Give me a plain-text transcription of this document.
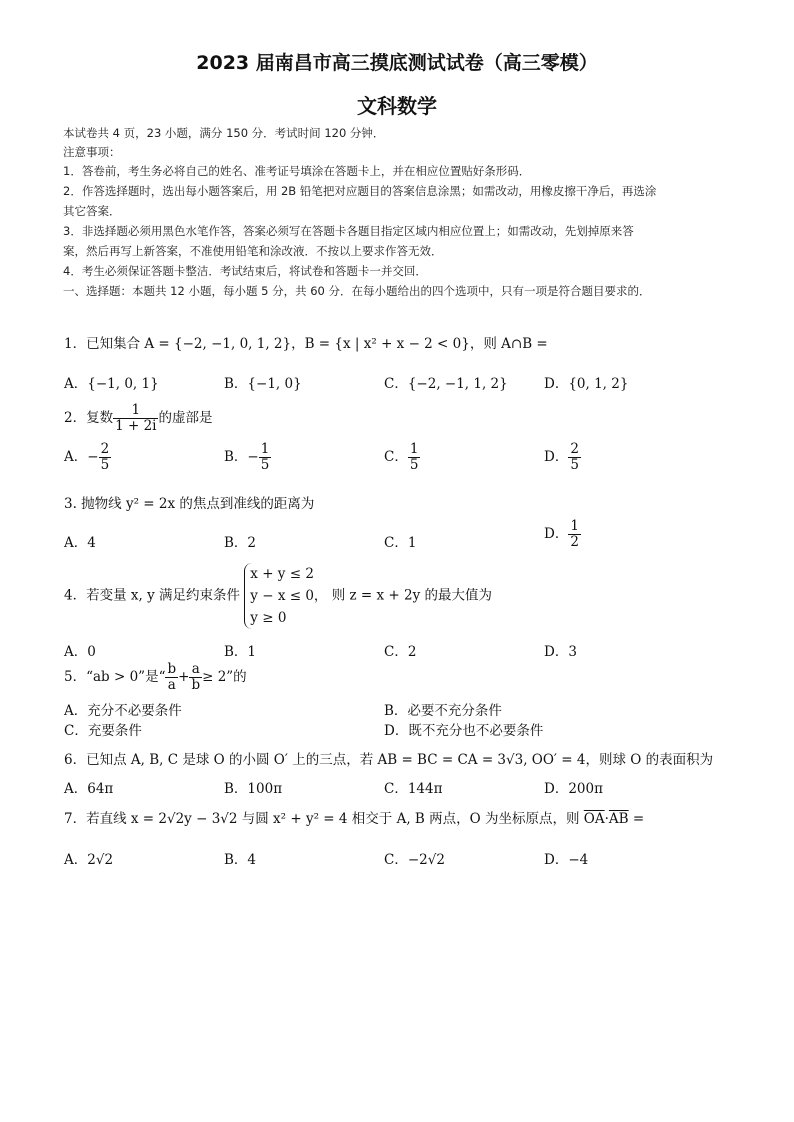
2023 届南昌市高三摸底测试试卷（高三零模）
文科数学
本试卷共 4 页，23 小题，满分 150 分．考试时间 120 分钟．
注意事项：
1．答卷前，考生务必将自己的姓名、准考证号填涂在答题卡上，并在相应位置贴好条形码．
2．作答选择题时，选出每小题答案后，用 2B 铅笔把对应题目的答案信息涂黑；如需改动，用橡皮擦干净后，再选涂
其它答案．
3．非选择题必须用黑色水笔作答，答案必须写在答题卡各题目指定区域内相应位置上；如需改动，先划掉原来答
案，然后再写上新答案，不准使用铅笔和涂改液．不按以上要求作答无效．
4．考生必须保证答题卡整洁．考试结束后，将试卷和答题卡一并交回．
一、选择题：本题共 12 小题，每小题 5 分，共 60 分．在每小题给出的四个选项中，只有一项是符合题目要求的．
1．已知集合 A = {−2, −1, 0, 1, 2}，B = {x | x² + x − 2 < 0}，则 A∩B =
A．{−1, 0, 1}	B．{−1, 0}	C．{−2, −1, 1, 2}	D．{0, 1, 2}
2．复数 $\frac{1}{1 + 2i}$ 的虚部是
A．− $\frac{2}{5}$	B．− $\frac{1}{5}$	C． $\frac{1}{5}$	D． $\frac{2}{5}$
3. 抛物线 y² = 2x 的焦点到准线的距离为
A．4	B．2	C．1
D． $\frac{1}{2}$
4．若变量 x, y 满足约束条件
x + y ≤ 2
y − x ≤ 0，
y ≥ 0
则 z = x + 2y 的最大值为
A．0	B．1	C．2	D．3
5．“ab > 0”是“ $\frac{b}{a} + \frac{a}{b} \ge 2$”的
A．充分不必要条件	B．必要不充分条件
C．充要条件	D．既不充分也不必要条件
6．已知点 A, B, C 是球 O 的小圆 O′ 上的三点，若 AB = BC = CA = 3√3, OO′ = 4，则球 O 的表面积为
A．64π	B．100π	C．144π	D．200π
7．若直线 x = 2√2y − 3√2 与圆 x² + y² = 4 相交于 A, B 两点，O 为坐标原点，则 $\overline{OA}\cdot\overline{AB}$ =
A．2√2	B．4	C．−2√2	D．−4
